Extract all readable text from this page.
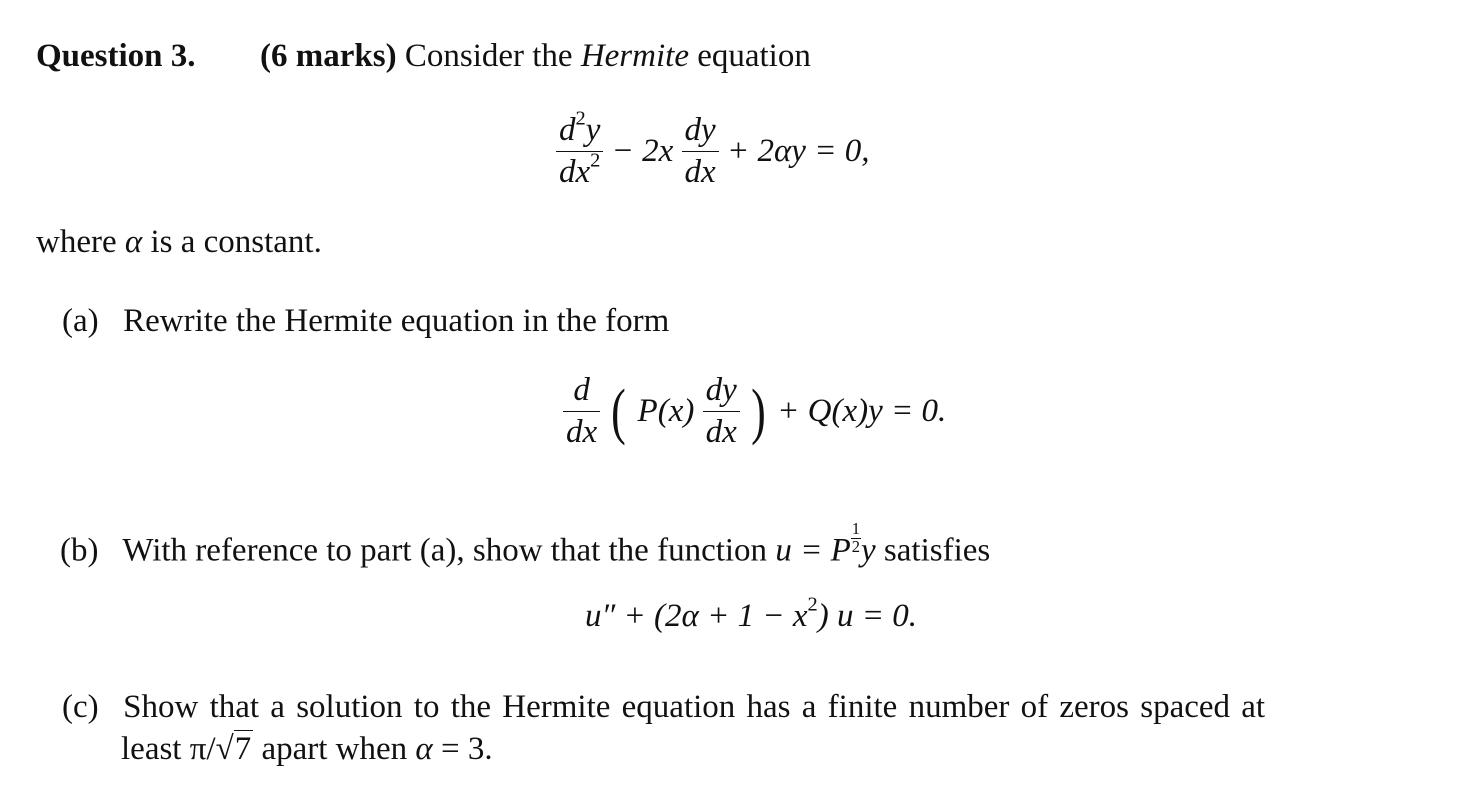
Question 3. (6 marks) Consider the Hermite equation
$\frac{d^2y}{dx^2} - 2x \frac{dy}{dx} + 2\alpha y = 0$,
where α is a constant.
(a) Rewrite the Hermite equation in the form
$\frac{d}{dx}$ ( $P(x) \frac{dy}{dx}$ ) + Q(x)y = 0.
(b) With reference to part (a), show that the function u = P $\frac{1}{2}$ y satisfies
$u'' + (2\alpha + 1 - x^2)$ u = 0.
(c) Show that a solution to the Hermite equation has a finite number of zeros spaced at
least π/√7 apart when α = 3.
